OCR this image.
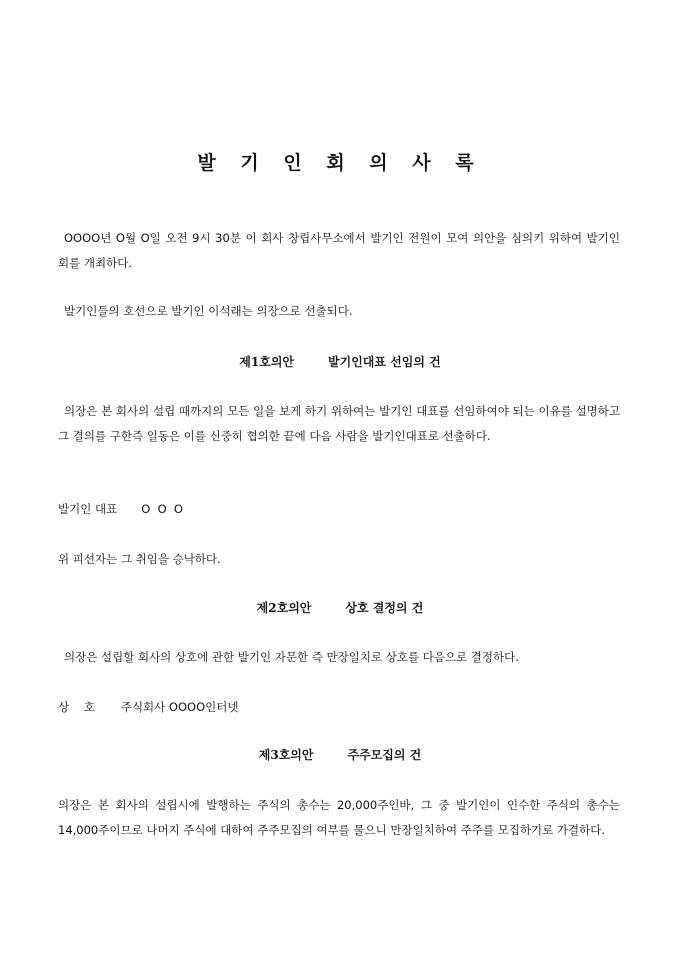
발 기 인 회 의 사 록

OOOO년 O월 O일 오전 9시 30분 이 회사 창립사무소에서 발기인 전원이 모여 의안을 심의키 위하여 발기인 회를 개최하다.

발기인들의 호선으로 발기인 이석래는 의장으로 선출되다.

제1호의안	발기인대표 선임의 건

의장은 본 회사의 설립 때까지의 모든 일을 보게 하기 위하여는 발기인 대표를 선임하여야 되는 이유를 설명하고 그 결의를 구한즉 일동은 이를 신중히 협의한 끝에 다음 사람을 발기인대표로 선출하다.

발기인 대표 O  O  O
위 피선자는 그 취임을 승낙하다.
제2호의안	상호 결정의 건

의장은 설립할 회사의 상호에 관한 발기인 자문한 즉 만장일치로 상호를 다음으로 결정하다.

상    호 주식회사 OOOO인터넷
제3호의안	주주모집의 건

의장은 본 회사의 설립시에 발행하는 주식의 총수는 20,000주인바, 그 중 발기인이 인수한 주식의 총수는 14,000주이므로 나머지 주식에 대하여 주주모집의 여부를 물으니 만장일치하여 주주를 모집하기로 가결하다.
